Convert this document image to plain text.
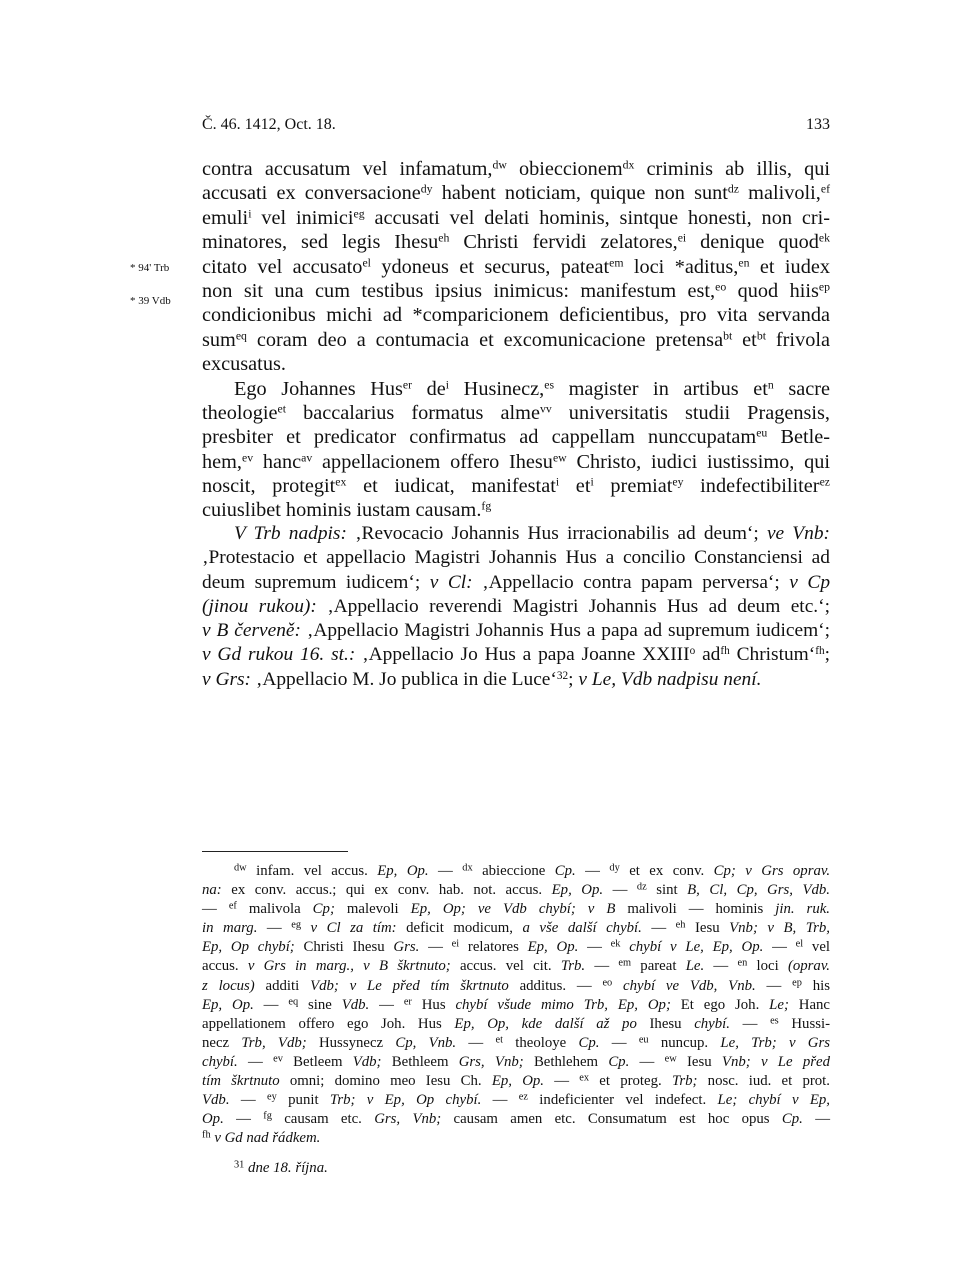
Č. 46. 1412, Oct. 18.	133
* 94' Trb
* 39 Vdb
contra accusatum vel infamatum,$^{dw}$ obieccionem$^{dx}$ criminis ab illis, qui
accusati ex conversacione$^{dy}$ habent noticiam, quique non sunt$^{dz}$ malivoli,$^{ef}$
emuli$^i$ vel inimici$^{eg}$ accusati vel delati hominis, sintque honesti, non cri-
minatores, sed legis Ihesu$^{eh}$ Christi fervidi zelatores,$^{ei}$ denique quod$^{ek}$
citato vel accusato$^{el}$ ydoneus et securus, pateat$^{em}$ loci *aditus,$^{en}$ et iudex
non sit una cum testibus ipsius inimicus: manifestum est,$^{eo}$ quod hiis$^{ep}$
condicionibus michi ad *comparicionem deficientibus, pro vita servanda
sum$^{eq}$ coram deo a contumacia et excomunicacione pretensa$^{bt}$ $et^{bt}$ frivola
excusatus.
Ego Johannes Hus$^{er}$ $de^i$ Husinecz,$^{es}$ magister in artibus $et^n$ sacre
theologie$^{et}$ baccalarius formatus alme$^{vv}$ universitatis studii Pragensis,
presbiter et predicator confirmatus ad cappellam nunccupatam$^{eu}$ Betle-
hem,$^{ev}$ hanc$^{av}$ appellacionem offero Ihesu$^{ew}$ Christo, iudici iustissimo, qui
noscit, protegit$^{ex}$ et iudicat, manifestat$^i$ $et^i$ premiat$^{ey}$ indefectibiliter$^{ez}$
cuiuslibet hominis iustam causam.$^{fg}$
V Trb nadpis: ‚Revocacio Johannis Hus irracionabilis ad deum‘; ve Vnb:
‚Protestacio et appellacio Magistri Johannis Hus a concilio Constanciensi ad
deum supremum iudicem‘; v Cl: ‚Appellacio contra papam perversa‘; v Cp
(jinou rukou): ‚Appellacio reverendi Magistri Johannis Hus ad deum etc.‘;
v B červeně: ‚Appellacio Magistri Johannis Hus a papa ad supremum iudicem‘;
v Gd rukou 16. st.: ‚Appellacio Jo Hus a papa Joanne XXIII$^o$ $ad^{fh}$ Christum‘$^{fh}$;
v Grs: ‚Appellacio M. Jo publica in die Luce‘$^{32}$; v Le, Vdb nadpisu není.
$^{dw}$ infam. vel accus. Ep, Op. — $^{dx}$ abieccione Cp. — $^{dy}$ et ex conv. Cp; v Grs oprav.
na: ex conv. accus.; qui ex conv. hab. not. accus. Ep, Op. — $^{dz}$ sint B, Cl, Cp, Grs, Vdb.
— $^{ef}$ malivola Cp; malevoli Ep, Op; ve Vdb chybí; v B malivoli — hominis jin. ruk.
in marg. — $^{eg}$ v Cl za tím: deficit modicum, a vše další chybí. — $^{eh}$ Iesu Vnb; v B, Trb,
Ep, Op chybí; Christi Ihesu Grs. — $^{ei}$ relatores Ep, Op. — $^{ek}$ chybí v Le, Ep, Op. — $^{el}$ vel
accus. v Grs in marg., v B škrtnuto; accus. vel cit. Trb. — $^{em}$ pareat Le. — $^{en}$ loci (oprav.
z locus) additi Vdb; v Le před tím škrtnuto additus. — $^{eo}$ chybí ve Vdb, Vnb. — $^{ep}$ his
Ep, Op. — $^{eq}$ sine Vdb. — $^{er}$ Hus chybí všude mimo Trb, Ep, Op; Et ego Joh. Le; Hanc
appellationem offero ego Joh. Hus Ep, Op, kde další až po Ihesu chybí. — $^{es}$ Hussi-
necz Trb, Vdb; Hussynecz Cp, Vnb. — $^{et}$ theoloye Cp. — $^{eu}$ nuncup. Le, Trb; v Grs
chybí. — $^{ev}$ Betleem Vdb; Bethleem Grs, Vnb; Bethlehem Cp. — $^{ew}$ Iesu Vnb; v Le před
tím škrtnuto omni; domino meo Iesu Ch. Ep, Op. — $^{ex}$ et proteg. Trb; nosc. iud. et prot.
Vdb. — $^{ey}$ punit Trb; v Ep, Op chybí. — $^{ez}$ indeficienter vel indefect. Le; chybí v Ep,
Op. — $^{fg}$ causam etc. Grs, Vnb; causam amen etc. Consumatum est hoc opus Cp. —
$^{fh}$ v Gd nad řádkem.
$^{31}$ dne 18. října.
